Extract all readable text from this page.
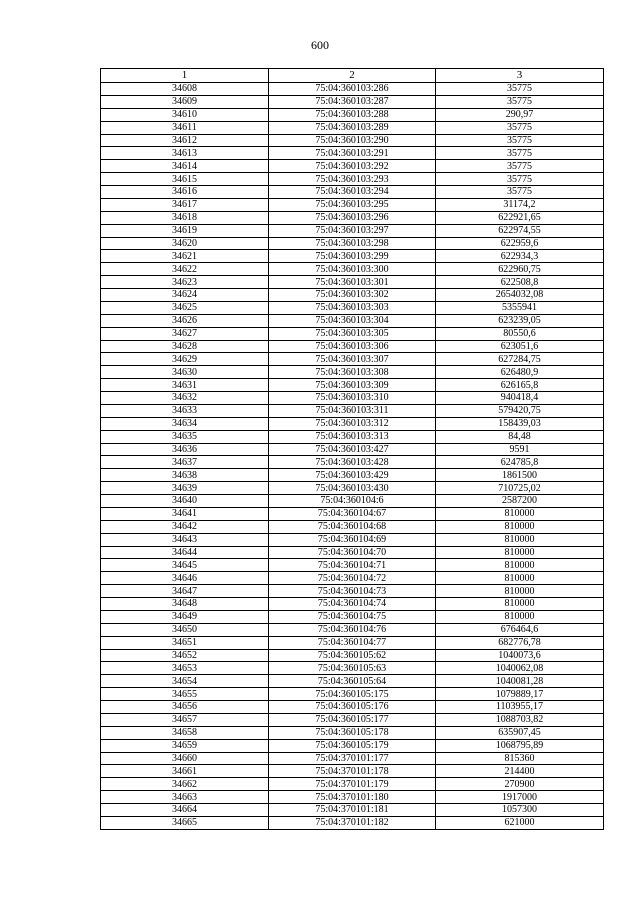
600
1	2	3
34608	75:04:360103:286	35775
34609	75:04:360103:287	35775
34610	75:04:360103:288	290,97
34611	75:04:360103:289	35775
34612	75:04:360103:290	35775
34613	75:04:360103:291	35775
34614	75:04:360103:292	35775
34615	75:04:360103:293	35775
34616	75:04:360103:294	35775
34617	75:04:360103:295	31174,2
34618	75:04:360103:296	622921,65
34619	75:04:360103:297	622974,55
34620	75:04:360103:298	622959,6
34621	75:04:360103:299	622934,3
34622	75:04:360103:300	622960,75
34623	75:04:360103:301	622508,8
34624	75:04:360103:302	2654032,08
34625	75:04:360103:303	5355941
34626	75:04:360103:304	623239,05
34627	75:04:360103:305	80550,6
34628	75:04:360103:306	623051,6
34629	75:04:360103:307	627284,75
34630	75:04:360103:308	626480,9
34631	75:04:360103:309	626165,8
34632	75:04:360103:310	940418,4
34633	75:04:360103:311	579420,75
34634	75:04:360103:312	158439,03
34635	75:04:360103:313	84,48
34636	75:04:360103:427	9591
34637	75:04:360103:428	624785,8
34638	75:04:360103:429	1861500
34639	75:04:360103:430	710725,02
34640	75:04:360104:6	2587200
34641	75:04:360104:67	810000
34642	75:04:360104:68	810000
34643	75:04:360104:69	810000
34644	75:04:360104:70	810000
34645	75:04:360104:71	810000
34646	75:04:360104:72	810000
34647	75:04:360104:73	810000
34648	75:04:360104:74	810000
34649	75:04:360104:75	810000
34650	75:04:360104:76	676464,6
34651	75:04:360104:77	682776,78
34652	75:04:360105:62	1040073,6
34653	75:04:360105:63	1040062,08
34654	75:04:360105:64	1040081,28
34655	75:04:360105:175	1079889,17
34656	75:04:360105:176	1103955,17
34657	75:04:360105:177	1088703,82
34658	75:04:360105:178	635907,45
34659	75:04:360105:179	1068795,89
34660	75:04:370101:177	815360
34661	75:04:370101:178	214400
34662	75:04:370101:179	270900
34663	75:04:370101:180	1917000
34664	75:04:370101:181	1057300
34665	75:04:370101:182	621000
